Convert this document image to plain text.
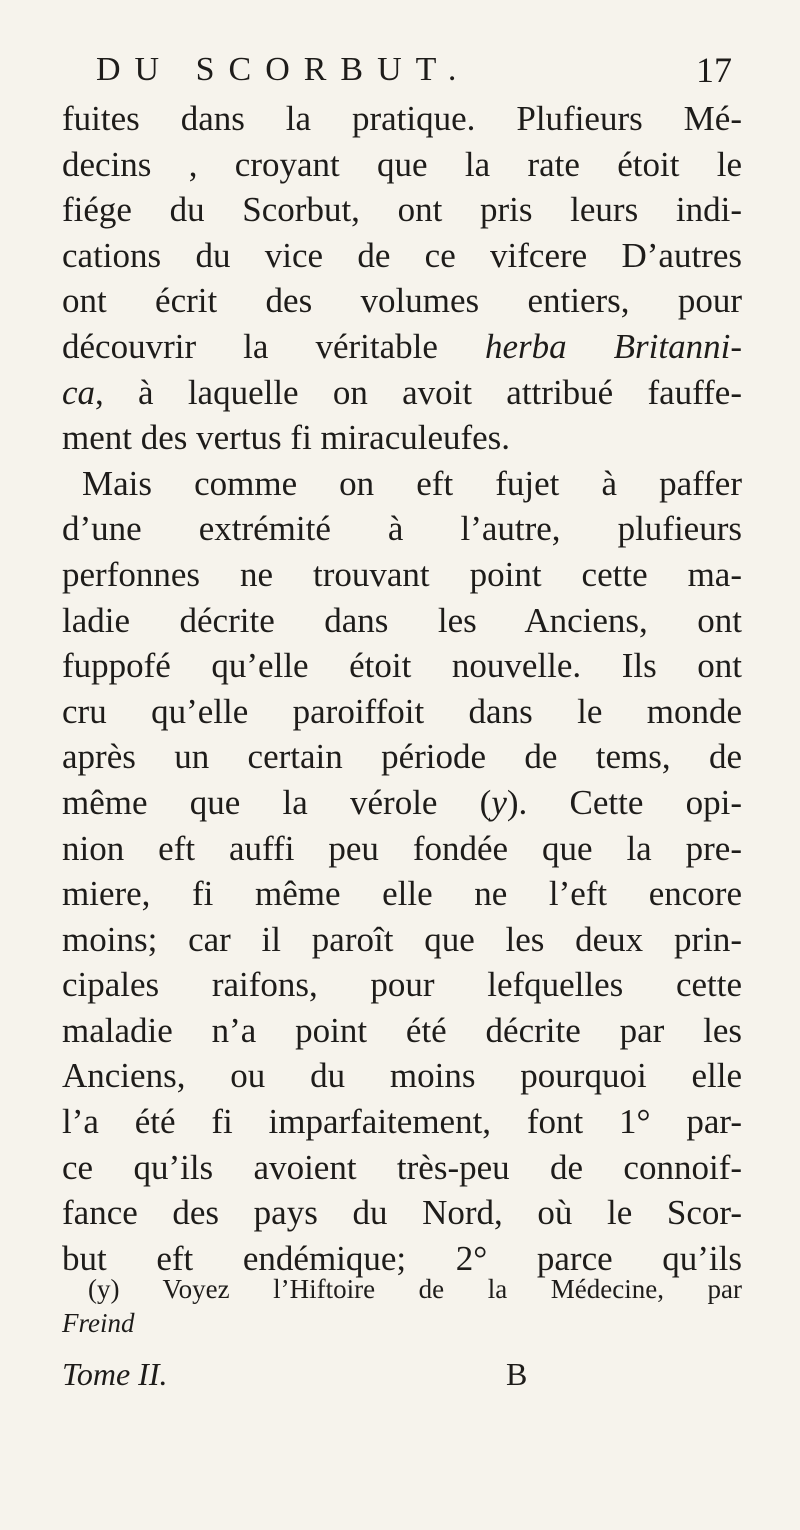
DU SCORBUT.	17
fuites dans la pratique. Plufieurs Mé-
decins , croyant que la rate étoit le
fiége du Scorbut, ont pris leurs indi-
cations du vice de ce vifcere D’autres
ont écrit des volumes entiers, pour
découvrir la véritable herba Britanni-
ca, à laquelle on avoit attribué fauffe-
ment des vertus fi miraculeufes.
Mais comme on eft fujet à paffer
d’une extrémité à l’autre, plufieurs
perfonnes ne trouvant point cette ma-
ladie décrite dans les Anciens, ont
fuppofé qu’elle étoit nouvelle. Ils ont
cru qu’elle paroiffoit dans le monde
après un certain période de tems, de
même que la vérole (y). Cette opi-
nion eft auffi peu fondée que la pre-
miere, fi même elle ne l’eft encore
moins; car il paroît que les deux prin-
cipales raifons, pour lefquelles cette
maladie n’a point été décrite par les
Anciens, ou du moins pourquoi elle
l’a été fi imparfaitement, font 1° par-
ce qu’ils avoient très-peu de connoif-
fance des pays du Nord, où le Scor-
but eft endémique; 2° parce qu’ils
(y) Voyez l’Hiftoire de la Médecine, par
Freind
Tome II.	B
